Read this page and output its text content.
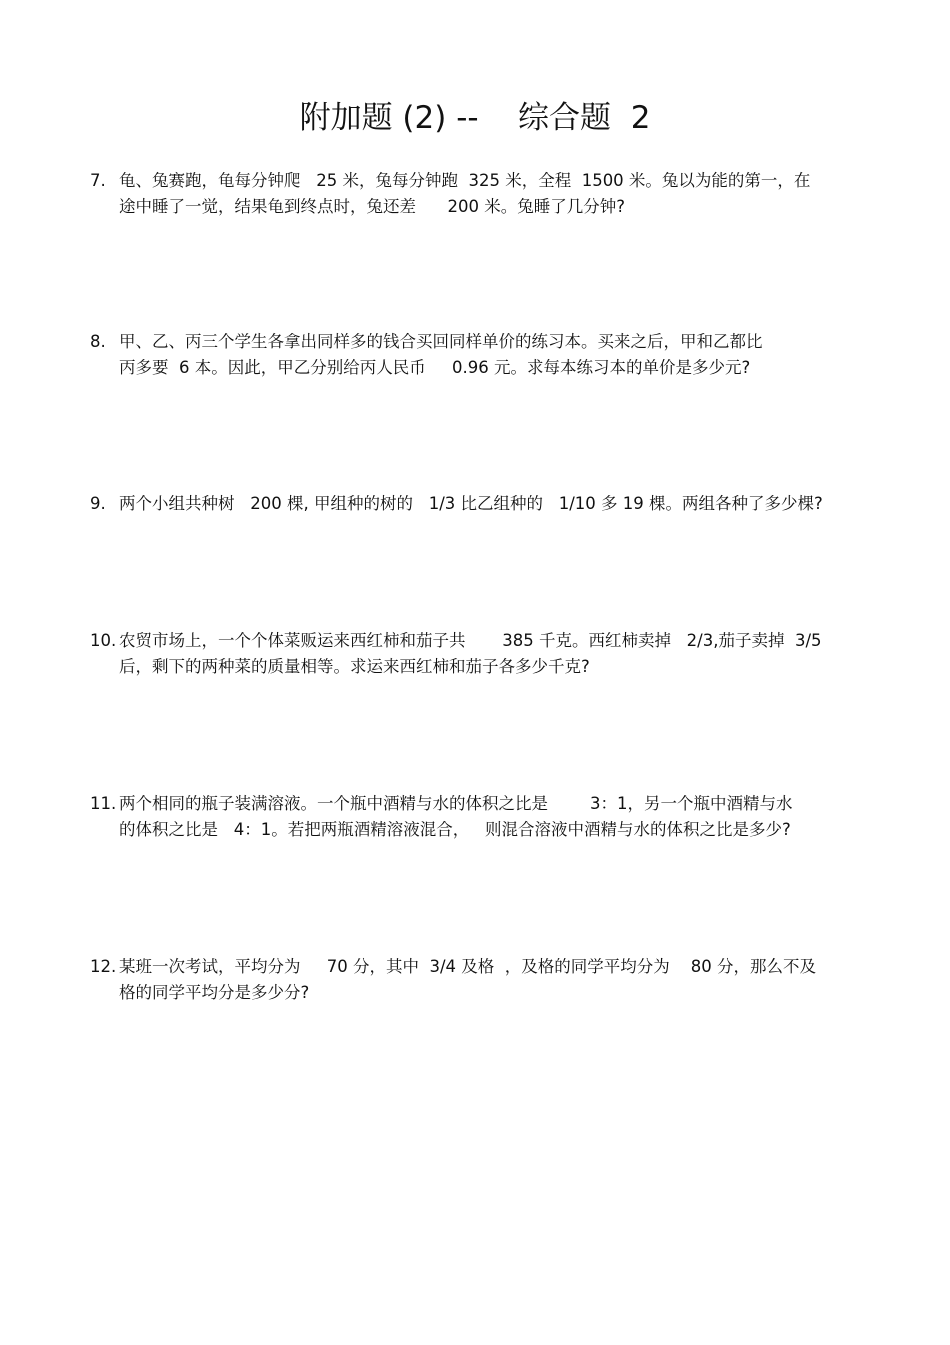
附加题 (2) --    综合题  2
7. 龟、兔赛跑，龟每分钟爬   25 米，兔每分钟跑  325 米，全程  1500 米。兔以为能的第一，在
途中睡了一觉，结果龟到终点时，兔还差      200 米。兔睡了几分钟?
8. 甲、乙、丙三个学生各拿出同样多的钱合买回同样单价的练习本。买来之后，甲和乙都比
丙多要  6 本。因此，甲乙分别给丙人民币     0.96 元。求每本练习本的单价是多少元?
9. 两个小组共种树   200 棵, 甲组种的树的   1/3 比乙组种的   1/10 多 19 棵。两组各种了多少棵?
10. 农贸市场上，一个个体菜贩运来西红柿和茄子共       385 千克。西红柿卖掉   2/3,茄子卖掉  3/5
后，剩下的两种菜的质量相等。求运来西红柿和茄子各多少千克?
11. 两个相同的瓶子装满溶液。一个瓶中酒精与水的体积之比是        3：1，另一个瓶中酒精与水
的体积之比是   4：1。若把两瓶酒精溶液混合，   则混合溶液中酒精与水的体积之比是多少?
12. 某班一次考试，平均分为     70 分，其中  3/4 及格  ，及格的同学平均分为    80 分，那么不及
格的同学平均分是多少分?
